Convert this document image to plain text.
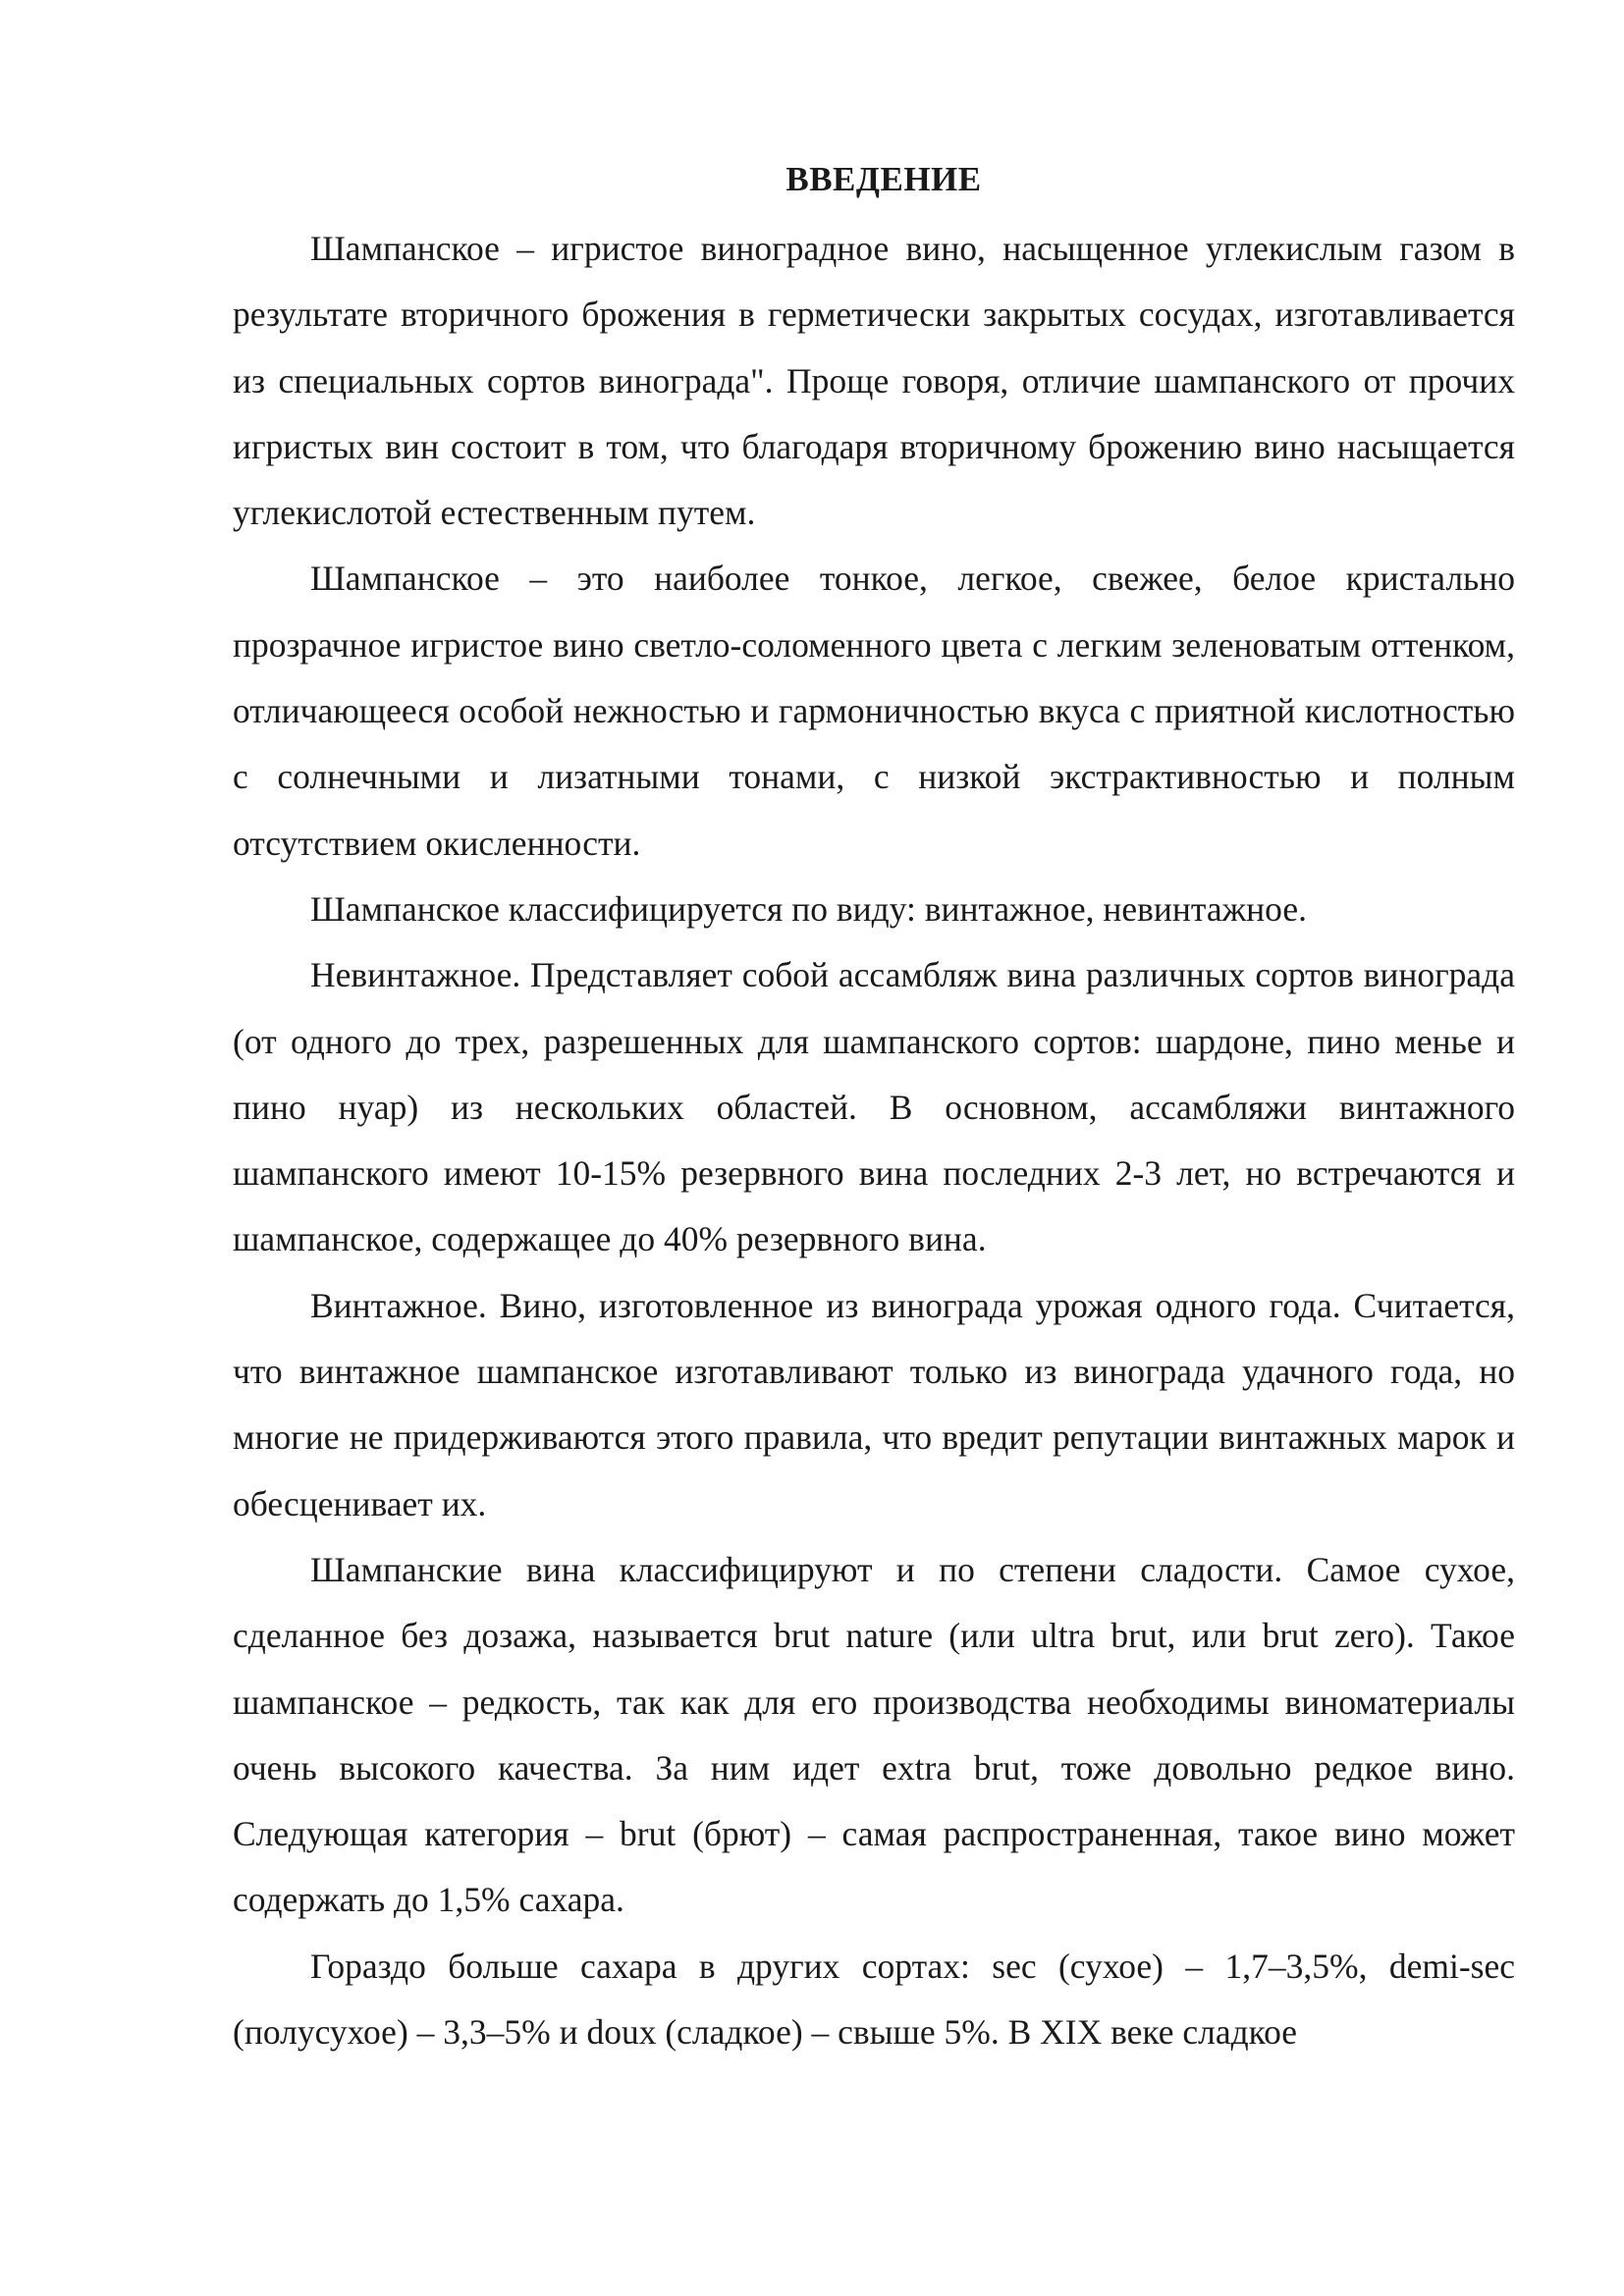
ВВЕДЕНИЕ

Шампанское – игристое виноградное вино, насыщенное углекислым газом в результате вторичного брожения в герметически закрытых сосудах, изготавливается из специальных сортов винограда". Проще говоря, отличие шампанского от прочих игристых вин состоит в том, что благодаря вторичному брожению вино насыщается углекислотой естественным путем.

Шампанское – это наиболее тонкое, легкое, свежее, белое кристально прозрачное игристое вино светло-соломенного цвета с легким зеленоватым оттенком, отличающееся особой нежностью и гармоничностью вкуса с приятной кислотностью с солнечными и лизатными тонами, с низкой экстрактивностью и полным отсутствием окисленности.

Шампанское классифицируется по виду: винтажное, невинтажное.

Невинтажное. Представляет собой ассамбляж вина различных сортов винограда (от одного до трех, разрешенных для шампанского сортов: шардоне, пино менье и пино нуар) из нескольких областей. В основном, ассамбляжи винтажного шампанского имеют 10-15% резервного вина последних 2-3 лет, но встречаются и шампанское, содержащее до 40% резервного вина.

Винтажное. Вино, изготовленное из винограда урожая одного года. Считается, что винтажное шампанское изготавливают только из винограда удачного года, но многие не придерживаются этого правила, что вредит репутации винтажных марок и обесценивает их.

Шампанские вина классифицируют и по степени сладости. Самое сухое, сделанное без дозажа, называется brut nature (или ultra brut, или brut zero). Такое шампанское – редкость, так как для его производства необходимы виноматериалы очень высокого качества. За ним идет extra brut, тоже довольно редкое вино. Следующая категория – brut (брют) – самая распространенная, такое вино может содержать до 1,5% сахара.

Гораздо больше сахара в других сортах: sec (сухое) – 1,7–3,5%, demi-sec (полусухое) – 3,3–5% и doux (сладкое) – свыше 5%. В XIX веке сладкое
